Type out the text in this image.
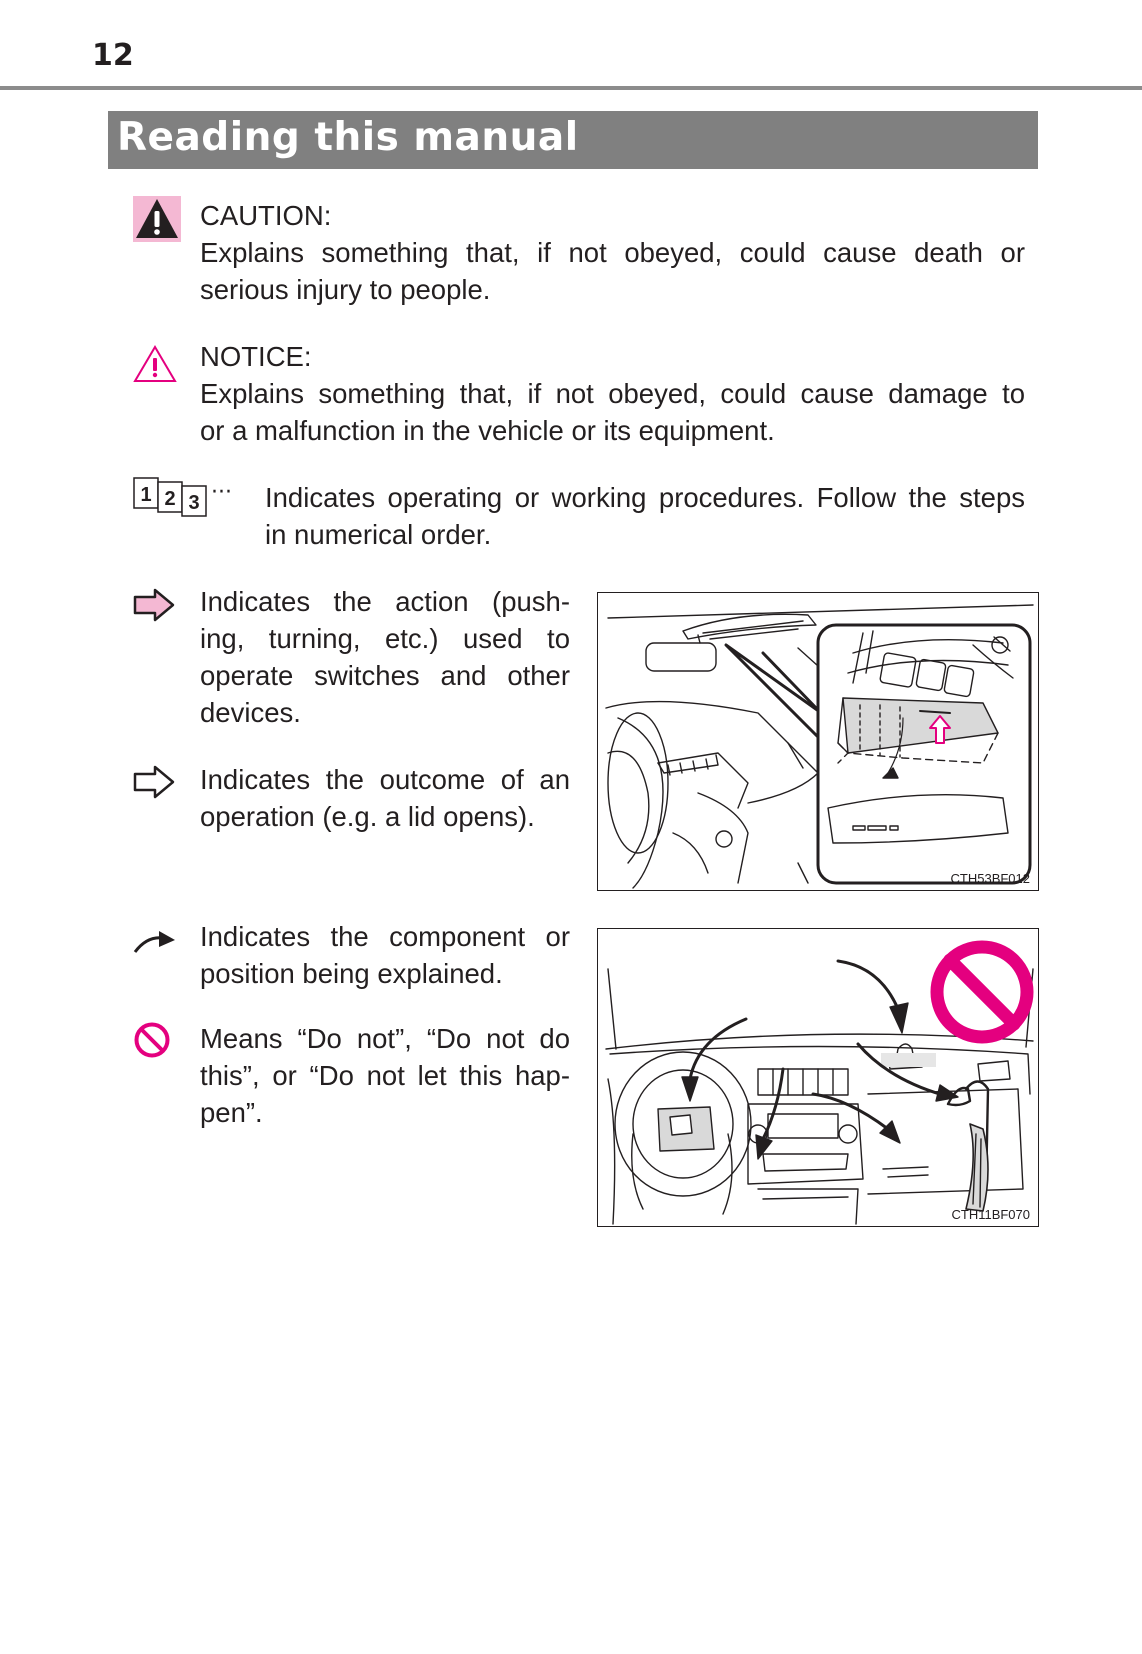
12
Reading this manual
CAUTION:
Explains something that, if not obeyed, could cause death or
serious injury to people.
NOTICE:
Explains something that, if not obeyed, could cause damage to
or a malfunction in the vehicle or its equipment.
1 2 3 ··· Indicates operating or working procedures. Follow the steps
in numerical order.
Indicates the action (push-
ing, turning, etc.) used to
operate switches and other
devices.
Indicates the outcome of an
operation (e.g. a lid opens).
CTH53BF012
Indicates the component or
position being explained.
Means “Do not”, “Do not do
this”, or “Do not let this hap-
pen”.
CTH11BF070
